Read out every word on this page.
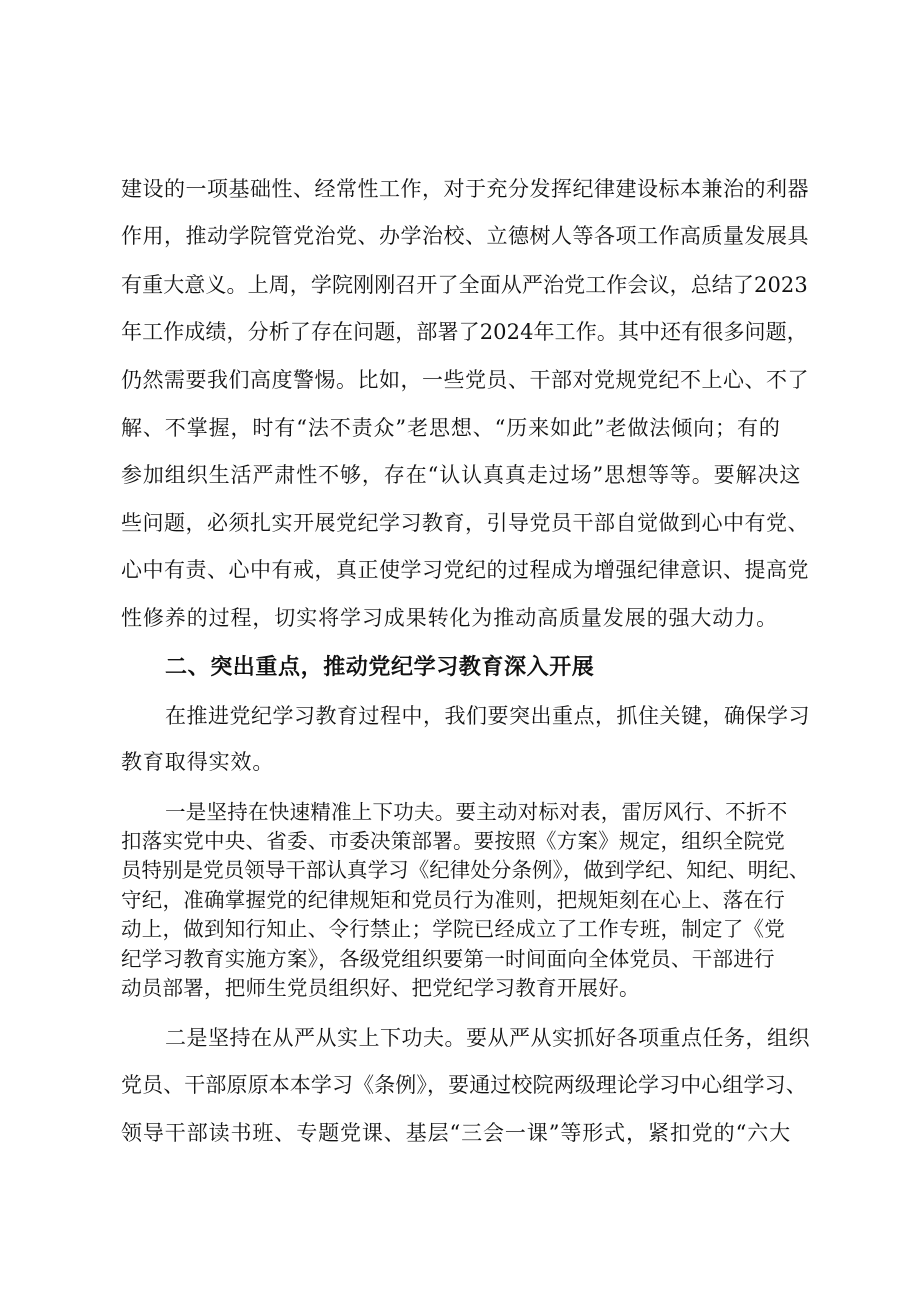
建设的一项基础性、经常性工作，对于充分发挥纪律建设标本兼治的利器
作用，推动学院管党治党、办学治校、立德树人等各项工作高质量发展具
有重大意义。上周，学院刚刚召开了全面从严治党工作会议，总结了2023
年工作成绩，分析了存在问题，部署了2024年工作。其中还有很多问题，
仍然需要我们高度警惕。比如，一些党员、干部对党规党纪不上心、不了
解、不掌握，时有“法不责众”老思想、“历来如此”老做法倾向；有的
参加组织生活严肃性不够，存在“认认真真走过场”思想等等。要解决这
些问题，必须扎实开展党纪学习教育，引导党员干部自觉做到心中有党、
心中有责、心中有戒，真正使学习党纪的过程成为增强纪律意识、提高党
性修养的过程，切实将学习成果转化为推动高质量发展的强大动力。
二、突出重点，推动党纪学习教育深入开展
在推进党纪学习教育过程中，我们要突出重点，抓住关键，确保学习
教育取得实效。
一是坚持在快速精准上下功夫。要主动对标对表，雷厉风行、不折不
扣落实党中央、省委、市委决策部署。要按照《方案》规定，组织全院党
员特别是党员领导干部认真学习《纪律处分条例》，做到学纪、知纪、明纪、
守纪，准确掌握党的纪律规矩和党员行为准则，把规矩刻在心上、落在行
动上，做到知行知止、令行禁止；学院已经成立了工作专班，制定了《党
纪学习教育实施方案》，各级党组织要第一时间面向全体党员、干部进行
动员部署，把师生党员组织好、把党纪学习教育开展好。
二是坚持在从严从实上下功夫。要从严从实抓好各项重点任务，组织
党员、干部原原本本学习《条例》，要通过校院两级理论学习中心组学习、
领导干部读书班、专题党课、基层“三会一课”等形式，紧扣党的“六大
